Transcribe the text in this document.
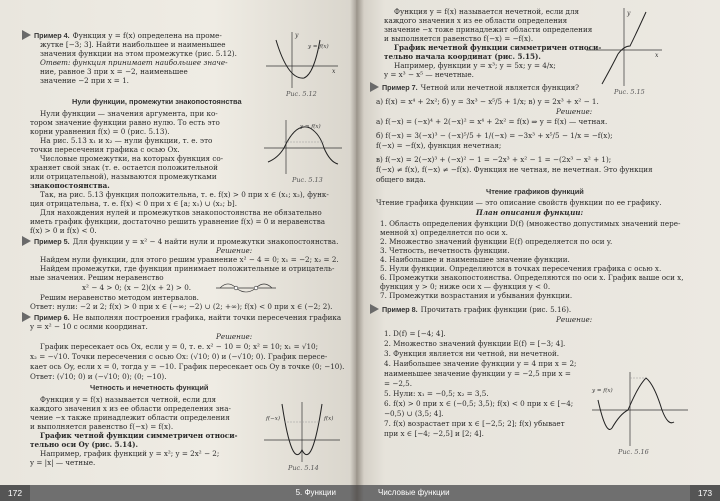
Пример 4. Функция y = f(x) определена на проме-
жутке [−3; 3]. Найти наибольшее и наименьшее
значения функции на этом промежутке (рис. 5.12).
Ответ: функция принимает наибольшее значе-
ние, равное 3 при x = −2, наименьшее
значение −2 при x = 1.
y
x
y = f(x)
Рис. 5.12
Нули функции, промежутки знакопостоянства
Нули функции — значения аргумента, при ко-
тором значение функции равно нулю. То есть это
корни уравнения f(x) = 0 (рис. 5.13).
На рис. 5.13 x₁ и x₂ — нули функции, т. е. это
точки пересечения графика с осью Ox.
Числовые промежутки, на которых функция со-
храняет свой знак (т. е. остается положительной
или отрицательной), называются промежутками
знакопостоянства.
Так, на рис. 5.13 функция положительна, т. е. f(x) > 0 при x ∈ (x₁; x₂), функ-
ция отрицательна, т. е. f(x) < 0 при x ∈ [a; x₁) ∪ (x₂; b].
Для нахождения нулей и промежутков знакопостоянства не обязательно
иметь график функции, достаточно решить уравнение f(x) = 0 и неравенства
f(x) > 0 и f(x) < 0.
y = f(x)
Рис. 5.13
Пример 5. Для функции y = x² − 4 найти нули и промежутки знакопостоянства.
Решение:
Найдем нули функции, для этого решим уравнение x² − 4 = 0; x₁ = −2; x₂ = 2.
Найдем промежутки, где функция принимает положительные и отрицатель-
ные значения. Решим неравенство
x² − 4 > 0; (x − 2)(x + 2) > 0.
Решим неравенство методом интервалов.
Ответ: нули: −2 и 2; f(x) > 0 при x ∈ (−∞; −2) ∪ (2; +∞); f(x) < 0 при x ∈ (−2; 2).
Пример 6. Не выполняя построения графика, найти точки пересечения графика
y = x² − 10 с осями координат.
Решение:
График пересекает ось Ox, если y = 0, т. е. x² − 10 = 0; x² = 10; x₁ = √10;
x₂ = −√10. Точки пересечения с осью Ox: (√10; 0) и (−√10; 0). График пересе-
кает ось Oy, если x = 0, тогда y = −10. График пересекает ось Oy в точке (0; −10).
Ответ: (√10; 0) и (−√10; 0); (0; −10).
Четность и нечетность функций
Функция y = f(x) называется четной, если для
каждого значения x из ее области определения зна-
чение −x также принадлежит области определения
и выполняется равенство f(−x) = f(x).
График четной функции симметричен относи-
тельно оси Oy (рис. 5.14).
Например, график функций y = x²; y = 2x² − 2;
y = |x| — четные.
f(−x)	f(x)
Рис. 5.14
5. Функции
172
Функция y = f(x) называется нечетной, если для
каждого значения x из ее области определения
значение −x тоже принадлежит области определения
и выполняется равенство f(−x) = −f(x).
График нечетной функции симметричен относи-
тельно начала координат (рис. 5.15).
Например, функции y = x³; y = 5x; y = 4/x;
y = x³ − x⁵ — нечетные.
y
x
Рис. 5.15
Пример 7. Четной или нечетной является функция?
а) f(x) = x⁴ + 2x²; б) y = 3x³ − x⁵/5 + 1/x; в) y = 2x³ + x² − 1.
Решение:
а) f(−x) = (−x)⁴ + 2(−x)² = x⁴ + 2x² = f(x) ⇒ y = f(x) — четная.
б) f(−x) = 3(−x)³ − (−x)⁵/5 + 1/(−x) = −3x³ + x⁵/5 − 1/x = −f(x);
f(−x) = −f(x), функция нечетная;
в) f(−x) = 2(−x)³ + (−x)² − 1 = −2x³ + x² − 1 = −(2x³ − x² + 1);
f(−x) ≠ f(x), f(−x) ≠ −f(x). Функция не четная, не нечетная. Это функция
общего вида.
Чтение графиков функций
Чтение графика функции — это описание свойств функции по ее графику.
План описания функции:
1. Область определения функции D(f) (множество допустимых значений пере-
менной x) определяется по оси x.
2. Множество значений функции E(f) определяется по оси y.
3. Четность, нечетность функции.
4. Наибольшее и наименьшее значение функции.
5. Нули функции. Определяются в точках пересечения графика с осью x.
6. Промежутки знакопостоянства. Определяются по оси x. График выше оси x,
функция y > 0; ниже оси x — функция y < 0.
7. Промежутки возрастания и убывания функции.
Пример 8. Прочитать график функции (рис. 5.16).
Решение:
1. D(f) = [−4; 4].
2. Множество значений функции E(f) = [−3; 4].
3. Функция является ни четной, ни нечетной.
4. Наибольшее значение функции y = 4 при x = 2;
наименьшее значение функции y = −2,5 при x =
= −2,5.
5. Нули: x₁ = −0,5; x₂ = 3,5.
6. f(x) > 0 при x ∈ (−0,5; 3,5); f(x) < 0 при x ∈ [−4;
−0,5) ∪ (3,5; 4].
7. f(x) возрастает при x ∈ [−2,5; 2]; f(x) убывает
при x ∈ [−4; −2,5] и [2; 4].
y = f(x)
Рис. 5.16
Числовые функции	173
